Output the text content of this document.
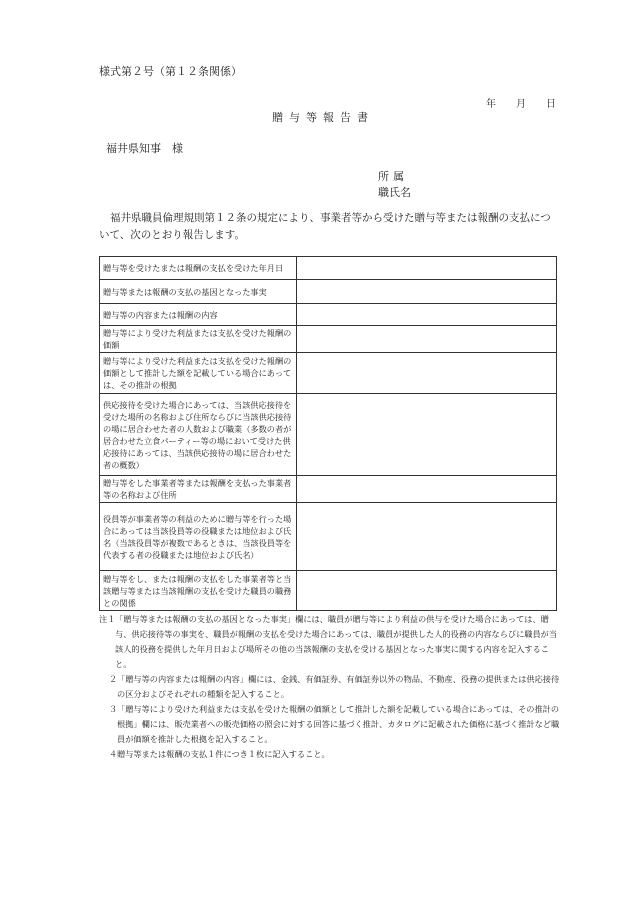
様式第２号（第１２条関係）
年 月 日
贈与等報告書
福井県知事　様
所属
職氏名
福井県職員倫理規則第１２条の規定により、事業者等から受けた贈与等または報酬の支払について、次のとおり報告します。
贈与等を受けたまたは報酬の支払を受けた年月日	
贈与等または報酬の支払の基因となった事実	
贈与等の内容または報酬の内容	
贈与等により受けた利益または支払を受けた報酬の価額	
贈与等により受けた利益または支払を受けた報酬の価額として推計した額を記載している場合にあっては、その推計の根拠	
供応接待を受けた場合にあっては、当該供応接待を受けた場所の名称および住所ならびに当該供応接待の場に居合わせた者の人数および職業（多数の者が居合わせた立食パーティー等の場において受けた供応接待にあっては、当該供応接待の場に居合わせた者の概数）	
贈与等をした事業者等または報酬を支払った事業者等の名称および住所	
役員等が事業者等の利益のために贈与等を行った場合にあっては当該役員等の役職または地位および氏名（当該役員等が複数であるときは、当該役員等を代表する者の役職または地位および氏名）	
贈与等をし、または報酬の支払をした事業者等と当該贈与等または当該報酬の支払を受けた職員の職務との関係	

注１ 「贈与等または報酬の支払の基因となった事実」欄には、職員が贈与等により利益の供与を受けた場合にあっては、贈与、供応接待等の事実を、職員が報酬の支払を受けた場合にあっては、職員が提供した人的役務の内容ならびに職員が当該人的役務を提供した年月日および場所その他の当該報酬の支払を受ける基因となった事実に関する内容を記入すること。

２ 「贈与等の内容または報酬の内容」欄には、金銭、有価証券、有価証券以外の物品、不動産、役務の提供または供応接待の区分およびそれぞれの種類を記入すること。

３ 「贈与等により受けた利益または支払を受けた報酬の価額として推計した額を記載している場合にあっては、その推計の根拠」欄には、販売業者への販売価格の照会に対する回答に基づく推計、カタログに記載された価格に基づく推計など職員が価額を推計した根拠を記入すること。

４ 贈与等または報酬の支払１件につき１枚に記入すること。
